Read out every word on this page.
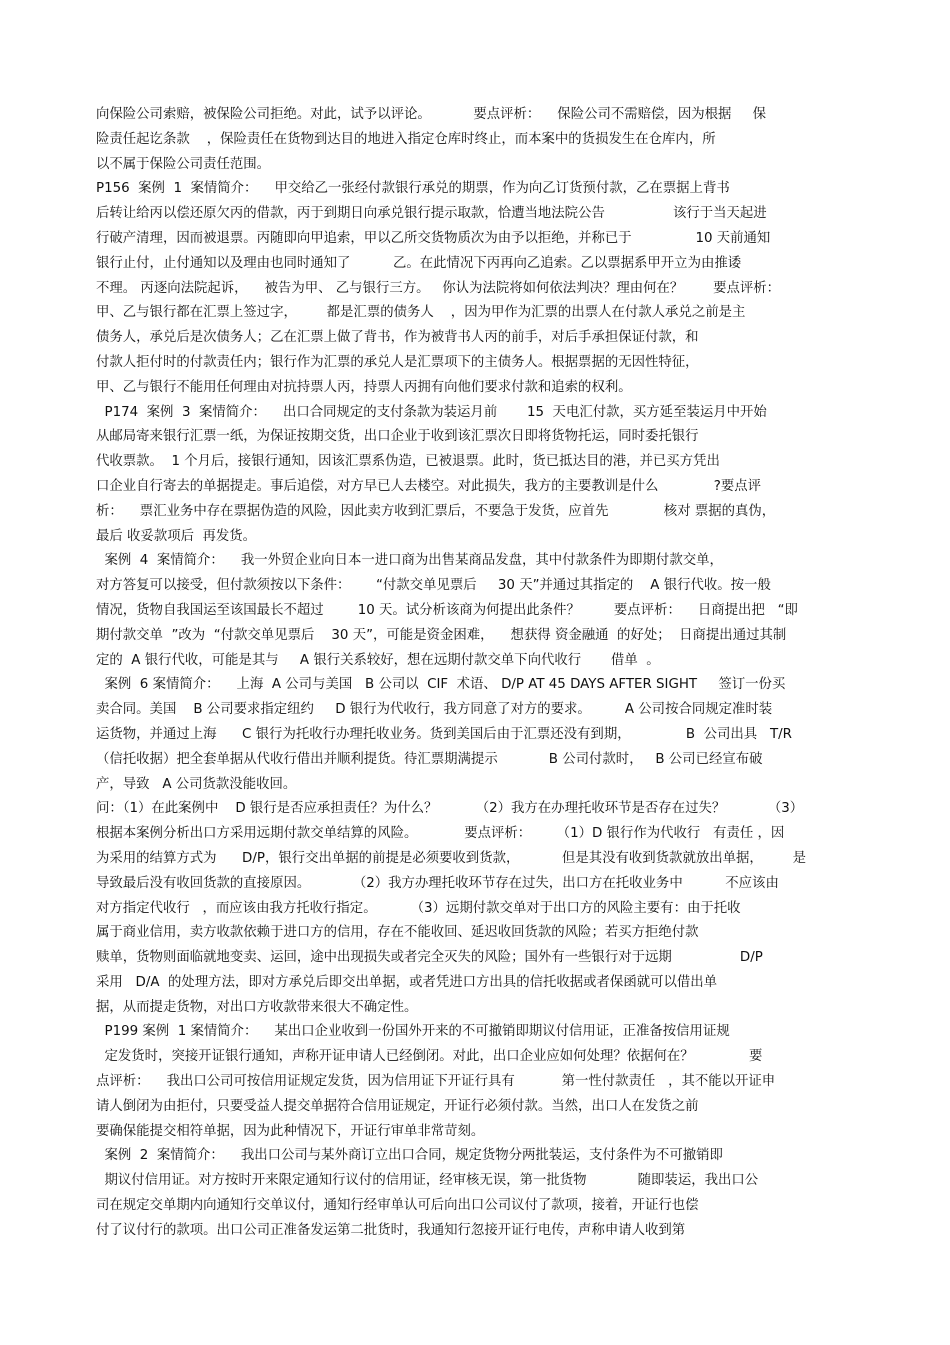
向保险公司索赔，被保险公司拒绝。对此，试予以评论。          要点评析：    保险公司不需赔偿，因为根据     保
险责任起讫条款    ，保险责任在货物到达目的地进入指定仓库时终止，而本案中的货损发生在仓库内，所
以不属于保险公司责任范围。
P156  案例  1  案情简介：    甲交给乙一张经付款银行承兑的期票，作为向乙订货预付款，乙在票据上背书
后转让给丙以偿还原欠丙的借款，丙于到期日向承兑银行提示取款，恰遭当地法院公告                该行于当天起进
行破产清理，因而被退票。丙随即向甲追索，甲以乙所交货物质次为由予以拒绝，并称已于               10 天前通知
银行止付，止付通知以及理由也同时通知了          乙。在此情况下丙再向乙追索。乙以票据系甲开立为由推诿
不理。 丙逐向法院起诉，    被告为甲、 乙与银行三方。   你认为法院将如何依法判决？理由何在？       要点评析：
甲、乙与银行都在汇票上签过字，       都是汇票的债务人    ，因为甲作为汇票的出票人在付款人承兑之前是主
债务人，承兑后是次债务人；乙在汇票上做了背书，作为被背书人丙的前手，对后手承担保证付款，和
付款人拒付时的付款责任内；银行作为汇票的承兑人是汇票项下的主债务人。根据票据的无因性特征，
甲、乙与银行不能用任何理由对抗持票人丙，持票人丙拥有向他们要求付款和追索的权利。
P174  案例  3  案情简介：    出口合同规定的支付条款为装运月前       15  天电汇付款，买方延至装运月中开始
从邮局寄来银行汇票一纸，为保证按期交货，出口企业于收到该汇票次日即将货物托运，同时委托银行
代收票款。  1 个月后，接银行通知，因该汇票系伪造，已被退票。此时，货已抵达目的港，并已买方凭出
口企业自行寄去的单据提走。事后追偿，对方早已人去楼空。对此损失，我方的主要教训是什么             ?要点评
析：    票汇业务中存在票据伪造的风险，因此卖方收到汇票后，不要急于发货，应首先             核对 票据的真伪，
最后 收妥款项后  再发货。
案例  4  案情简介：    我一外贸企业向日本一进口商为出售某商品发盘，其中付款条件为即期付款交单，
对方答复可以接受，但付款须按以下条件：      “付款交单见票后     30 天”并通过其指定的    A 银行代收。按一般
情况，货物自我国运至该国最长不超过        10 天。试分析该商为何提出此条件？        要点评析：    日商提出把   “即
期付款交单  ”改为  “付款交单见票后    30 天”，可能是资金困难，    想获得 资金融通  的好处；  日商提出通过其制
定的  A 银行代收，可能是其与     A 银行关系较好，想在远期付款交单下向代收行       借单  。
案例  6 案情简介：    上海  A 公司与美国   B 公司以  CIF  术语、 D/P AT 45 DAYS AFTER SIGHT     签订一份买
卖合同。美国    B 公司要求指定纽约     D 银行为代收行，我方同意了对方的要求。        A 公司按合同规定准时装
运货物，并通过上海      C 银行为托收行办理托收业务。货到美国后由于汇票还没有到期，             B  公司出具   T/R
（信托收据）把全套单据从代收行借出并顺利提货。待汇票期满提示            B 公司付款时，   B 公司已经宣布破
产，导致   A 公司货款没能收回。
问：（1）在此案例中    D 银行是否应承担责任？为什么？         （2）我方在办理托收环节是否存在过失？          （3）
根据本案例分析出口方采用远期付款交单结算的风险。           要点评析：      （1）D 银行作为代收行   有责任 ，因
为采用的结算方式为      D/P，银行交出单据的前提是必须要收到货款，          但是其没有收到货款就放出单据，       是
导致最后没有收回货款的直接原因。          （2）我方办理托收环节存在过失，出口方在托收业务中          不应该由
对方指定代收行   ，而应该由我方托收行指定。        （3）远期付款交单对于出口方的风险主要有：由于托收
属于商业信用，卖方收款依赖于进口方的信用，存在不能收回、延迟收回货款的风险；若买方拒绝付款
赎单，货物则面临就地变卖、运回，途中出现损失或者完全灭失的风险；国外有一些银行对于远期                D/P
采用   D/A  的处理方法，即对方承兑后即交出单据，或者凭进口方出具的信托收据或者保函就可以借出单
据，从而提走货物，对出口方收款带来很大不确定性。
P199 案例  1 案情简介：    某出口企业收到一份国外开来的不可撤销即期议付信用证，正准备按信用证规
定发货时，突接开证银行通知，声称开证申请人已经倒闭。对此，出口企业应如何处理？依据何在？             要
点评析：    我出口公司可按信用证规定发货，因为信用证下开证行具有           第一性付款责任   ，其不能以开证申
请人倒闭为由拒付，只要受益人提交单据符合信用证规定，开证行必须付款。当然，出口人在发货之前
要确保能提交相符单据，因为此种情况下，开证行审单非常苛刻。
案例  2  案情简介：    我出口公司与某外商订立出口合同，规定货物分两批装运，支付条件为不可撤销即
期议付信用证。对方按时开来限定通知行议付的信用证，经审核无误，第一批货物            随即装运，我出口公
司在规定交单期内向通知行交单议付，通知行经审单认可后向出口公司议付了款项，接着，开证行也偿
付了议付行的款项。出口公司正准备发运第二批货时，我通知行忽接开证行电传，声称申请人收到第
